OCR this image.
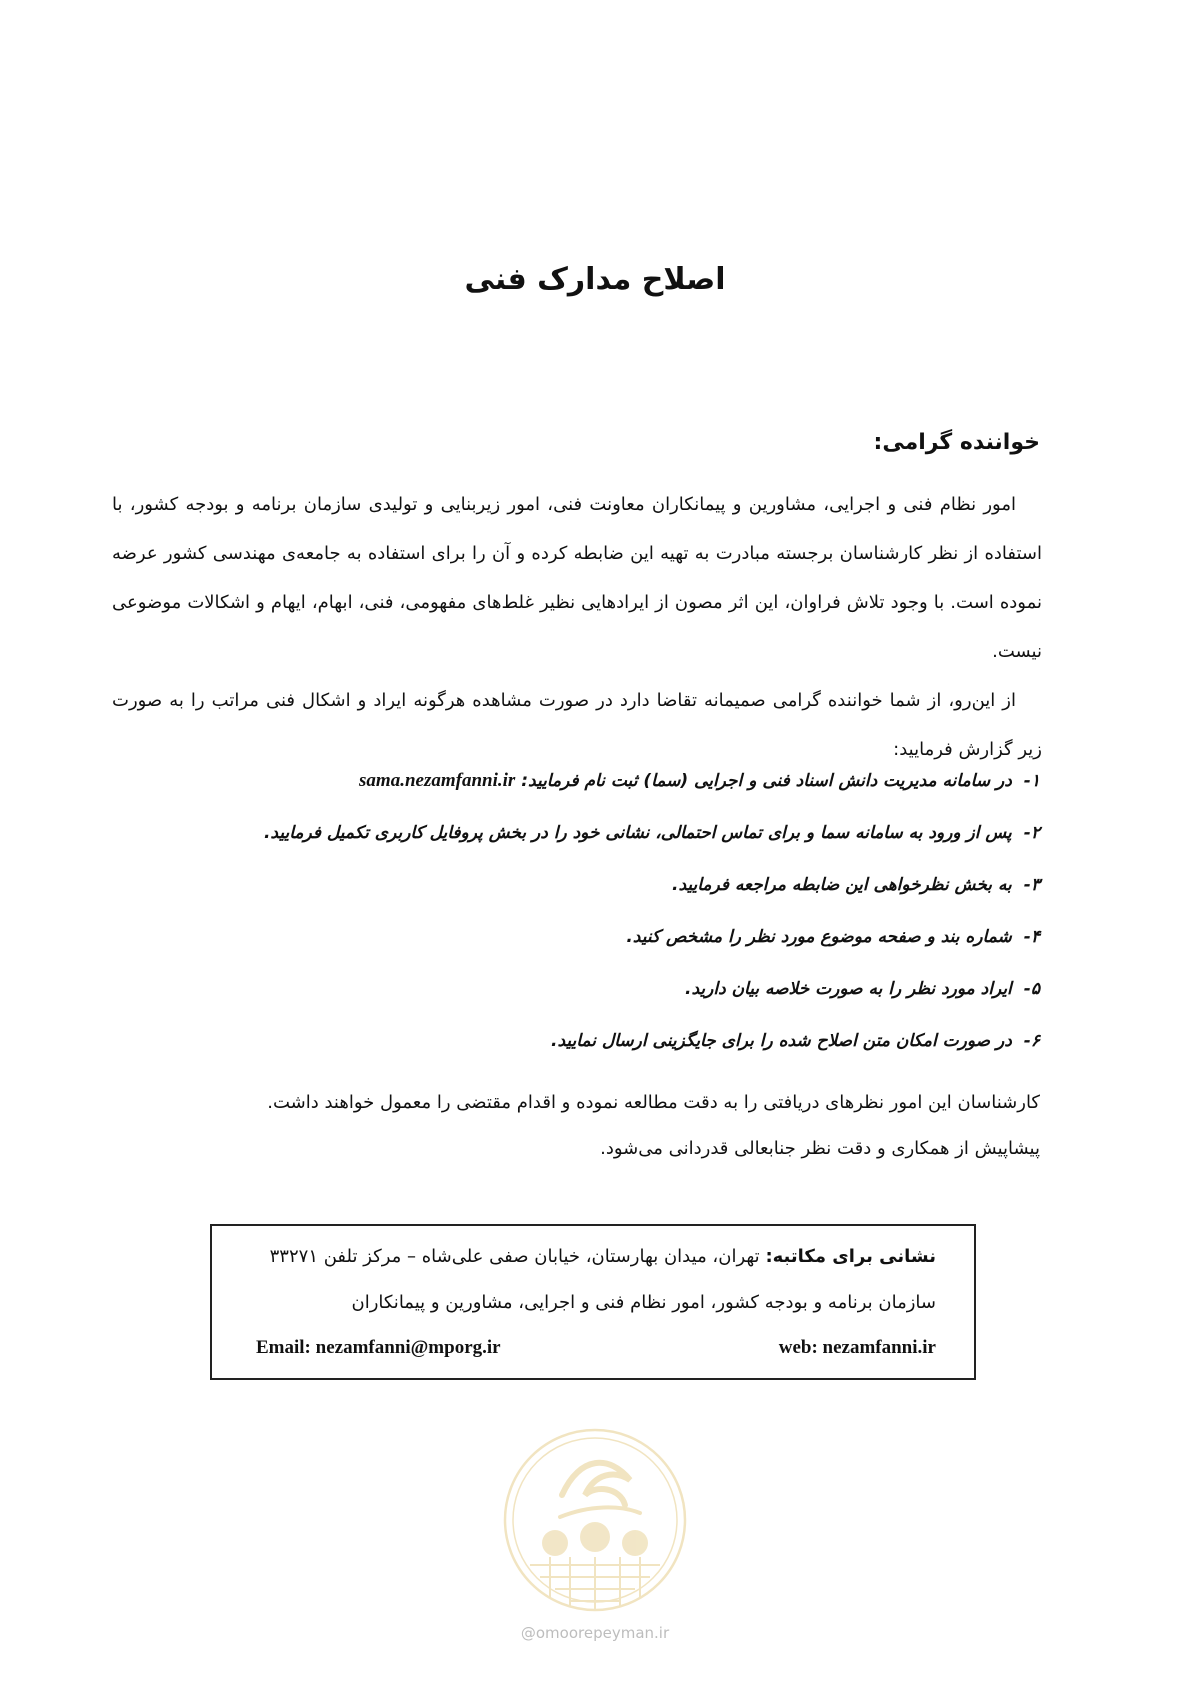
اصلاح مدارک فنی
خواننده گرامی:

امور نظام فنی و اجرایی، مشاورین و پیمانکاران معاونت فنی، امور زیربنایی و تولیدی سازمان برنامه و بودجه کشور، با استفاده از نظر کارشناسان برجسته مبادرت به تهیه این ضابطه کرده و آن را برای استفاده به جامعه‌ی مهندسی کشور عرضه نموده است. با وجود تلاش فراوان، این اثر مصون از ایرادهایی نظیر غلط‌های مفهومی، فنی، ابهام، ایهام و اشکالات موضوعی نیست.

از این‌رو، از شما خواننده گرامی صمیمانه تقاضا دارد در صورت مشاهده هرگونه ایراد و اشکال فنی مراتب را به صورت زیر گزارش فرمایید:

۱-در سامانه مدیریت دانش اسناد فنی و اجرایی (سما) ثبت نام فرمایید: sama.nezamfanni.ir
۲-پس از ورود به سامانه سما و برای تماس احتمالی، نشانی خود را در بخش پروفایل کاربری تکمیل فرمایید.
۳-به بخش نظرخواهی این ضابطه مراجعه فرمایید.
۴-شماره بند و صفحه موضوع مورد نظر را مشخص کنید.
۵-ایراد مورد نظر را به صورت خلاصه بیان دارید.
۶-در صورت امکان متن اصلاح شده را برای جایگزینی ارسال نمایید.

کارشناسان این امور نظرهای دریافتی را به دقت مطالعه نموده و اقدام مقتضی را معمول خواهند داشت.

پیشاپیش از همکاری و دقت نظر جنابعالی قدردانی می‌شود.

نشانی برای مکاتبه: تهران، میدان بهارستان، خیابان صفی علی‌شاه – مرکز تلفن ۳۳۲۷۱
سازمان برنامه و بودجه کشور، امور نظام فنی و اجرایی، مشاورین و پیمانکاران
Email: nezamfanni@mporg.ir	web: nezamfanni.ir
@omoorepeyman.ir
